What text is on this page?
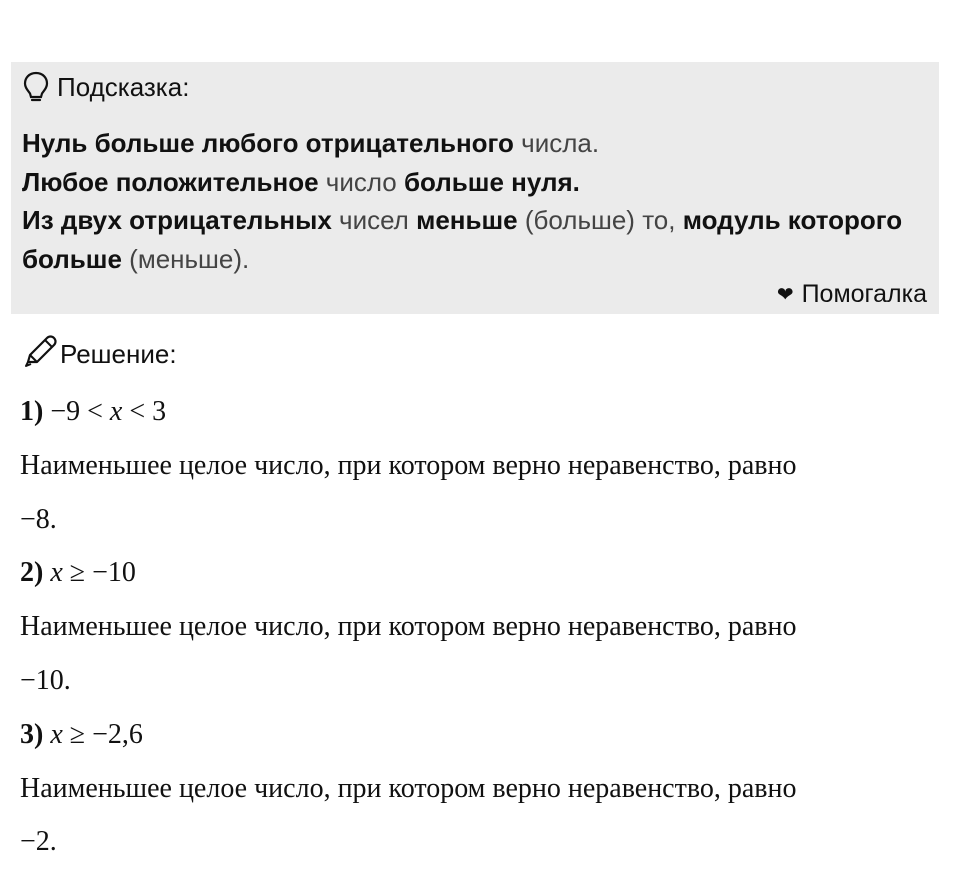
Подсказка:

Нуль больше любого отрицательного числа.

Любое положительное число больше нуля.

Из двух отрицательных чисел меньше (больше) то, модуль которого

больше (меньше).

❤ Помогалка
Решение:
1) −9 < x < 3
Наименьшее целое число, при котором верно неравенство, равно
−8.
2) x ≥ −10
Наименьшее целое число, при котором верно неравенство, равно
−10.
3) x ≥ −2,6
Наименьшее целое число, при котором верно неравенство, равно
−2.
